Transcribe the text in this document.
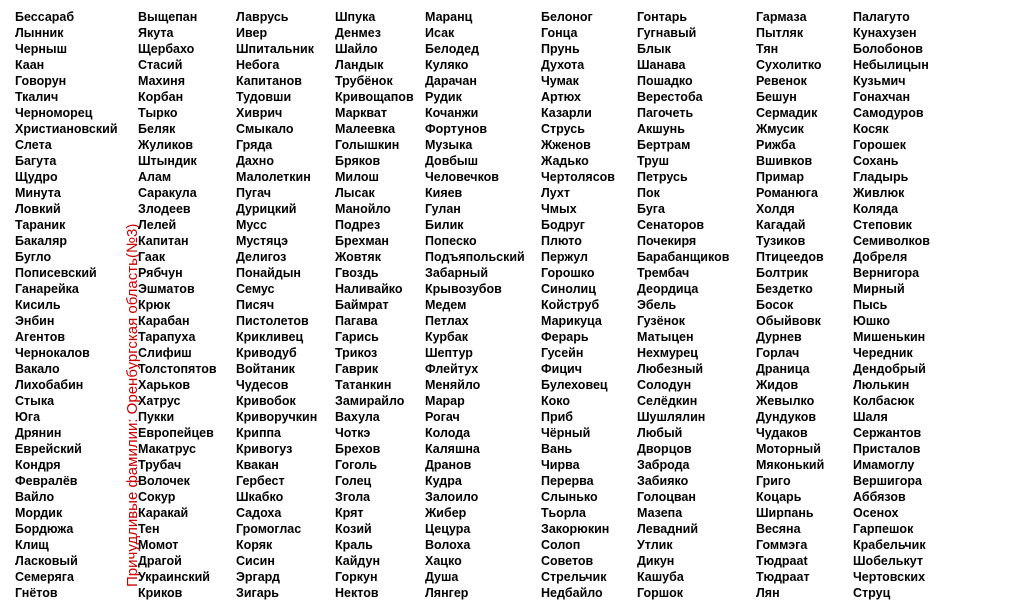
Причудливые фамилии: Оренбургская область(№3)
Бессараб
Лынник
Черныш
Каан
Говорун
Ткалич
Черноморец
Христиановский
Слета
Багута
Щудро
Минута
Ловкий
Тараник
Бакаляр
Бугло
Пописевский
Ганарейка
Кисиль
Энбин
Агентов
Чернокалов
Вакало
Лихобабин
Стыка
Юга
Дрянин
Еврейский
Кондря
Февралёв
Вайло
Мордик
Бордюжа
Клищ
Ласковый
Семеряга
Гнётов
Выщепан
Якута
Щербахо
Стасий
Махиня
Корбан
Тырко
Беляк
Жуликов
Штындик
Алам
Саракула
Злодеев
Лелей
Капитан
Гаак
Рябчун
Эшматов
Крюк
Карабан
Тарапуха
Слифиш
Толстопятов
Харьков
Хатрус
Пукки
Европейцев
Макатрус
Трубач
Волочек
Сокур
Каракай
Тен
Момот
Драгой
Украинский
Криков
Лаврусь
Ивер
Шпитальник
Небога
Капитанов
Тудовши
Хиврич
Смыкало
Гряда
Дахно
Малолеткин
Пугач
Дурицкий
Мусс
Мустяцэ
Делигоз
Понайдын
Семус
Писяч
Пистолетов
Крикливец
Криводуб
Войтаник
Чудесов
Кривобок
Криворучкин
Криппа
Кривогуз
Квакан
Гербест
Шкабко
Садоха
Громоглас
Коряк
Сисин
Эргард
Зигарь
Шпука
Денмез
Шайло
Ландык
Трубёнок
Кривощапов
Маркват
Малеевка
Голышкин
Бряков
Милош
Лысак
Манойло
Подрез
Брехман
Жовтяк
Гвоздь
Наливайко
Баймрат
Пагава
Гарись
Трикоз
Гаврик
Татанкин
Замирайло
Вахула
Чоткэ
Брехов
Гоголь
Голец
Згола
Крят
Козий
Краль
Кайдун
Горкун
Нектов
Маранц
Исак
Белодед
Куляко
Дарачан
Рудик
Кочанжи
Фортунов
Музыка
Довбыш
Человечков
Кияев
Гулан
Билик
Попеско
Подъяпольский
Забарный
Крывозубов
Медем
Петлах
Курбак
Шептур
Флейтух
Меняйло
Марар
Рогач
Колода
Каляшна
Дранов
Кудра
Залоило
Жибер
Цецура
Волоха
Хацко
Душа
Лянгер
Белоног
Гонца
Прунь
Духота
Чумак
Артюх
Казарли
Струсь
Жженов
Жадько
Чертолясов
Лухт
Чмых
Бодруг
Плюто
Пержул
Горошко
Синолиц
Койструб
Марикуца
Ферарь
Гусейн
Фицич
Булеховец
Коко
Приб
Чёрный
Вань
Чирва
Перерва
Слынько
Тьорла
Закорюкин
Солоп
Советов
Стрельчик
Недбайло
Гонтарь
Гугнавый
Блык
Шанава
Пошадко
Верестоба
Пагочеть
Акшунь
Бертрам
Труш
Петрусь
Пок
Буга
Сенаторов
Почекиря
Барабанщиков
Трембач
Деордица
Эбель
Гузёнок
Матыцен
Нехмурец
Любезный
Солодун
Селёдкин
Шушлялин
Любый
Дворцов
Заброда
Забияко
Голоцван
Мазепа
Левадний
Утлик
Дикун
Кашуба
Горшок
Гармаза
Пытляк
Тян
Сухолитко
Ревенок
Бешун
Сермадик
Жмусик
Рижба
Вшивков
Примар
Романюга
Холдя
Кагадай
Тузиков
Птицеедов
Болтрик
Бездетко
Босок
Обыйвовк
Дурнев
Горлач
Драница
Жидов
Жевылко
Дундуков
Чудаков
Моторный
Мяконький
Григо
Коцарь
Ширпань
Весяна
Гоммэга
Тюдрааt
Тюдраат
Лян
Палагуто
Кунахузен
Болобонов
Небылицын
Кузьмич
Гонахчан
Самодуров
Косяк
Горошек
Сохань
Гладырь
Живлюк
Коляда
Степовик
Семиволков
Добреля
Вернигора
Мирный
Пысь
Юшко
Мишенькин
Чередник
Дендобрый
Люлькин
Колбасюк
Шаля
Сержантов
Присталов
Имамоглу
Вершигора
Аббязов
Осенох
Гарпешок
Крабельчик
Шобелькут
Чертовских
Струц
